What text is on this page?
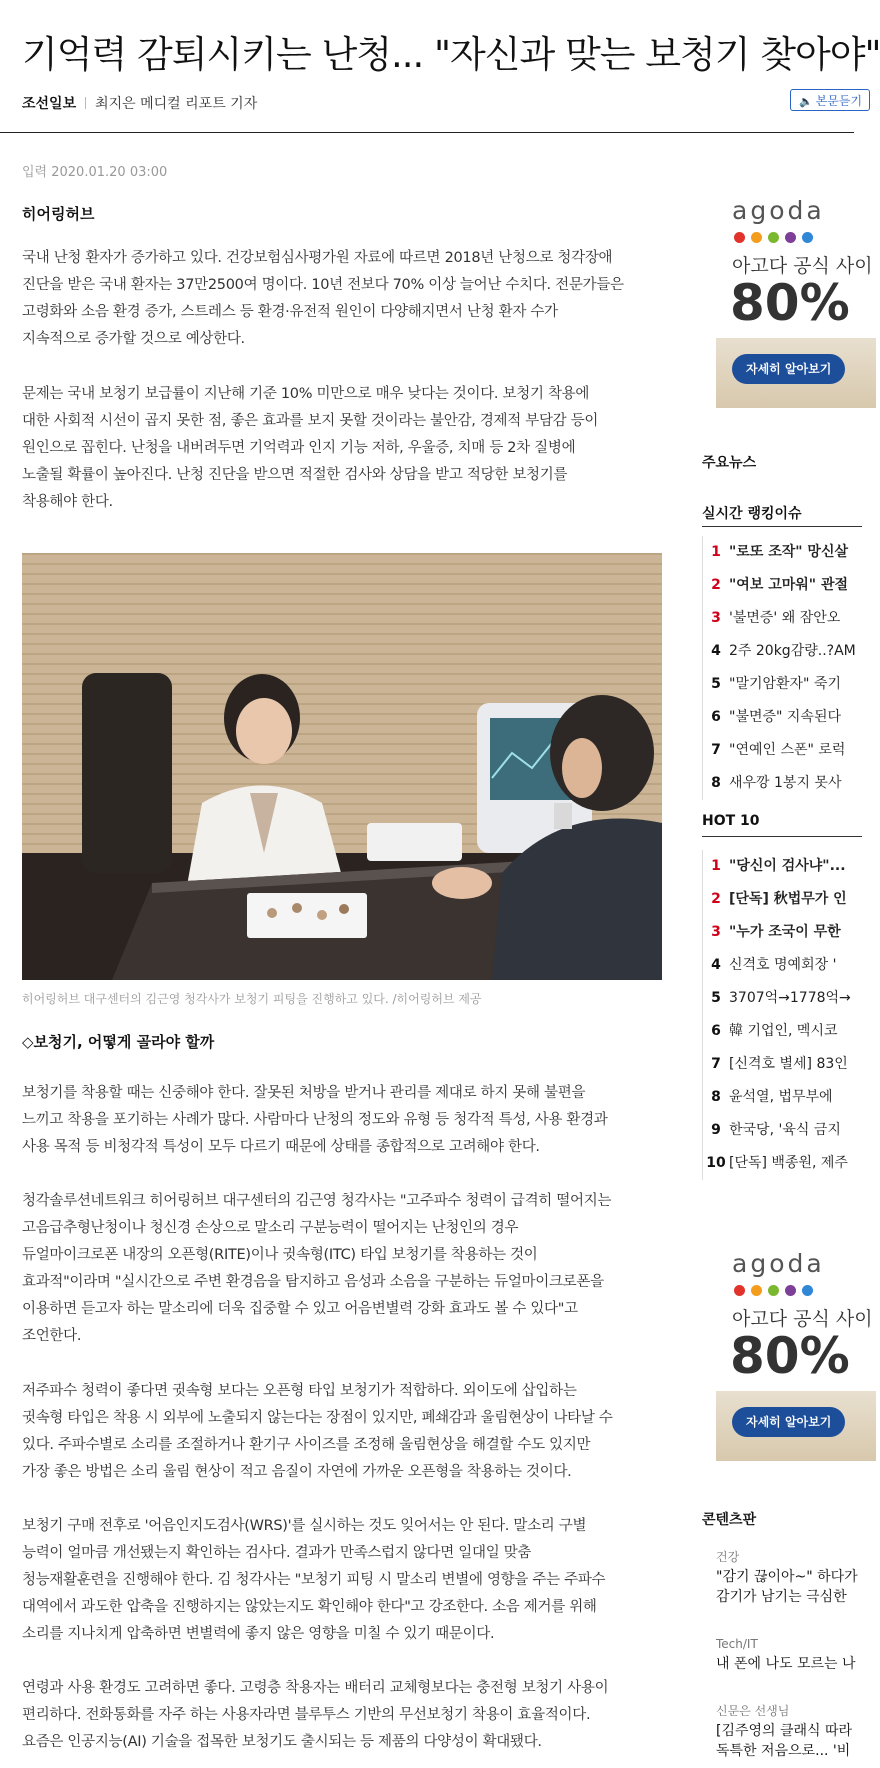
기억력 감퇴시키는 난청... "자신과 맞는 보청기 찾아야"
조선일보 최지은 메디컬 리포트 기자	🔈 본문듣기
입력 2020.01.20 03:00
히어링허브

국내 난청 환자가 증가하고 있다. 건강보험심사평가원 자료에 따르면 2018년 난청으로 청각장애
진단을 받은 국내 환자는 37만2500여 명이다. 10년 전보다 70% 이상 늘어난 수치다. 전문가들은
고령화와 소음 환경 증가, 스트레스 등 환경·유전적 원인이 다양해지면서 난청 환자 수가
지속적으로 증가할 것으로 예상한다.

문제는 국내 보청기 보급률이 지난해 기준 10% 미만으로 매우 낮다는 것이다. 보청기 착용에
대한 사회적 시선이 곱지 못한 점, 좋은 효과를 보지 못할 것이라는 불안감, 경제적 부담감 등이
원인으로 꼽힌다. 난청을 내버려두면 기억력과 인지 기능 저하, 우울증, 치매 등 2차 질병에
노출될 확률이 높아진다. 난청 진단을 받으면 적절한 검사와 상담을 받고 적당한 보청기를
착용해야 한다.

히어링허브 대구센터의 김근영 청각사가 보청기 피팅을 진행하고 있다. /히어링허브 제공
◇보청기, 어떻게 골라야 할까

보청기를 착용할 때는 신중해야 한다. 잘못된 처방을 받거나 관리를 제대로 하지 못해 불편을
느끼고 착용을 포기하는 사례가 많다. 사람마다 난청의 정도와 유형 등 청각적 특성, 사용 환경과
사용 목적 등 비청각적 특성이 모두 다르기 때문에 상태를 종합적으로 고려해야 한다.

청각솔루션네트워크 히어링허브 대구센터의 김근영 청각사는 "고주파수 청력이 급격히 떨어지는
고음급추형난청이나 청신경 손상으로 말소리 구분능력이 떨어지는 난청인의 경우
듀얼마이크로폰 내장의 오픈형(RITE)이나 귓속형(ITC) 타입 보청기를 착용하는 것이
효과적"이라며 "실시간으로 주변 환경음을 탐지하고 음성과 소음을 구분하는 듀얼마이크로폰을
이용하면 듣고자 하는 말소리에 더욱 집중할 수 있고 어음변별력 강화 효과도 볼 수 있다"고
조언한다.

저주파수 청력이 좋다면 귓속형 보다는 오픈형 타입 보청기가 적합하다. 외이도에 삽입하는
귓속형 타입은 착용 시 외부에 노출되지 않는다는 장점이 있지만, 폐쇄감과 울림현상이 나타날 수
있다. 주파수별로 소리를 조절하거나 환기구 사이즈를 조정해 울림현상을 해결할 수도 있지만
가장 좋은 방법은 소리 울림 현상이 적고 음질이 자연에 가까운 오픈형을 착용하는 것이다.

보청기 구매 전후로 '어음인지도검사(WRS)'를 실시하는 것도 잊어서는 안 된다. 말소리 구별
능력이 얼마큼 개선됐는지 확인하는 검사다. 결과가 만족스럽지 않다면 일대일 맞춤
청능재활훈련을 진행해야 한다. 김 청각사는 "보청기 피팅 시 말소리 변별에 영향을 주는 주파수
대역에서 과도한 압축을 진행하지는 않았는지도 확인해야 한다"고 강조한다. 소음 제거를 위해
소리를 지나치게 압축하면 변별력에 좋지 않은 영향을 미칠 수 있기 때문이다.

연령과 사용 환경도 고려하면 좋다. 고령층 착용자는 배터리 교체형보다는 충전형 보청기 사용이
편리하다. 전화통화를 자주 하는 사용자라면 블루투스 기반의 무선보청기 착용이 효율적이다.
요즘은 인공지능(AI) 기술을 접목한 보청기도 출시되는 등 제품의 다양성이 확대됐다.

agoda
아고다 공식 사이
80%
자세히 알아보기
주요뉴스
실시간 랭킹이슈
1 "로또 조작" 망신살
2 "여보 고마워" 관절
3 '불면증' 왜 잠안오
4 2주 20kg감량..?AM
5 "말기암환자" 죽기
6 "불면증" 지속된다
7 "연예인 스폰" 로럭
8 새우깡 1봉지 못사
HOT 10
1 "당신이 검사냐"...
2 [단독] 秋법무가 인
3 "누가 조국이 무한
4 신격호 명예회장 '
5 3707억→1778억→
6 韓 기업인, 멕시코
7 [신격호 별세] 83인
8 윤석열, 법무부에
9 한국당, '육식 금지
10 [단독] 백종원, 제주
agoda
아고다 공식 사이
80%
자세히 알아보기
콘텐츠판
건강
"감기 끊이아~" 하다가
감기가 남기는 극심한
Tech/IT
내 폰에 나도 모르는 나
신문은 선생님
[김주영의 클래식 따라
독특한 저음으로... '비
